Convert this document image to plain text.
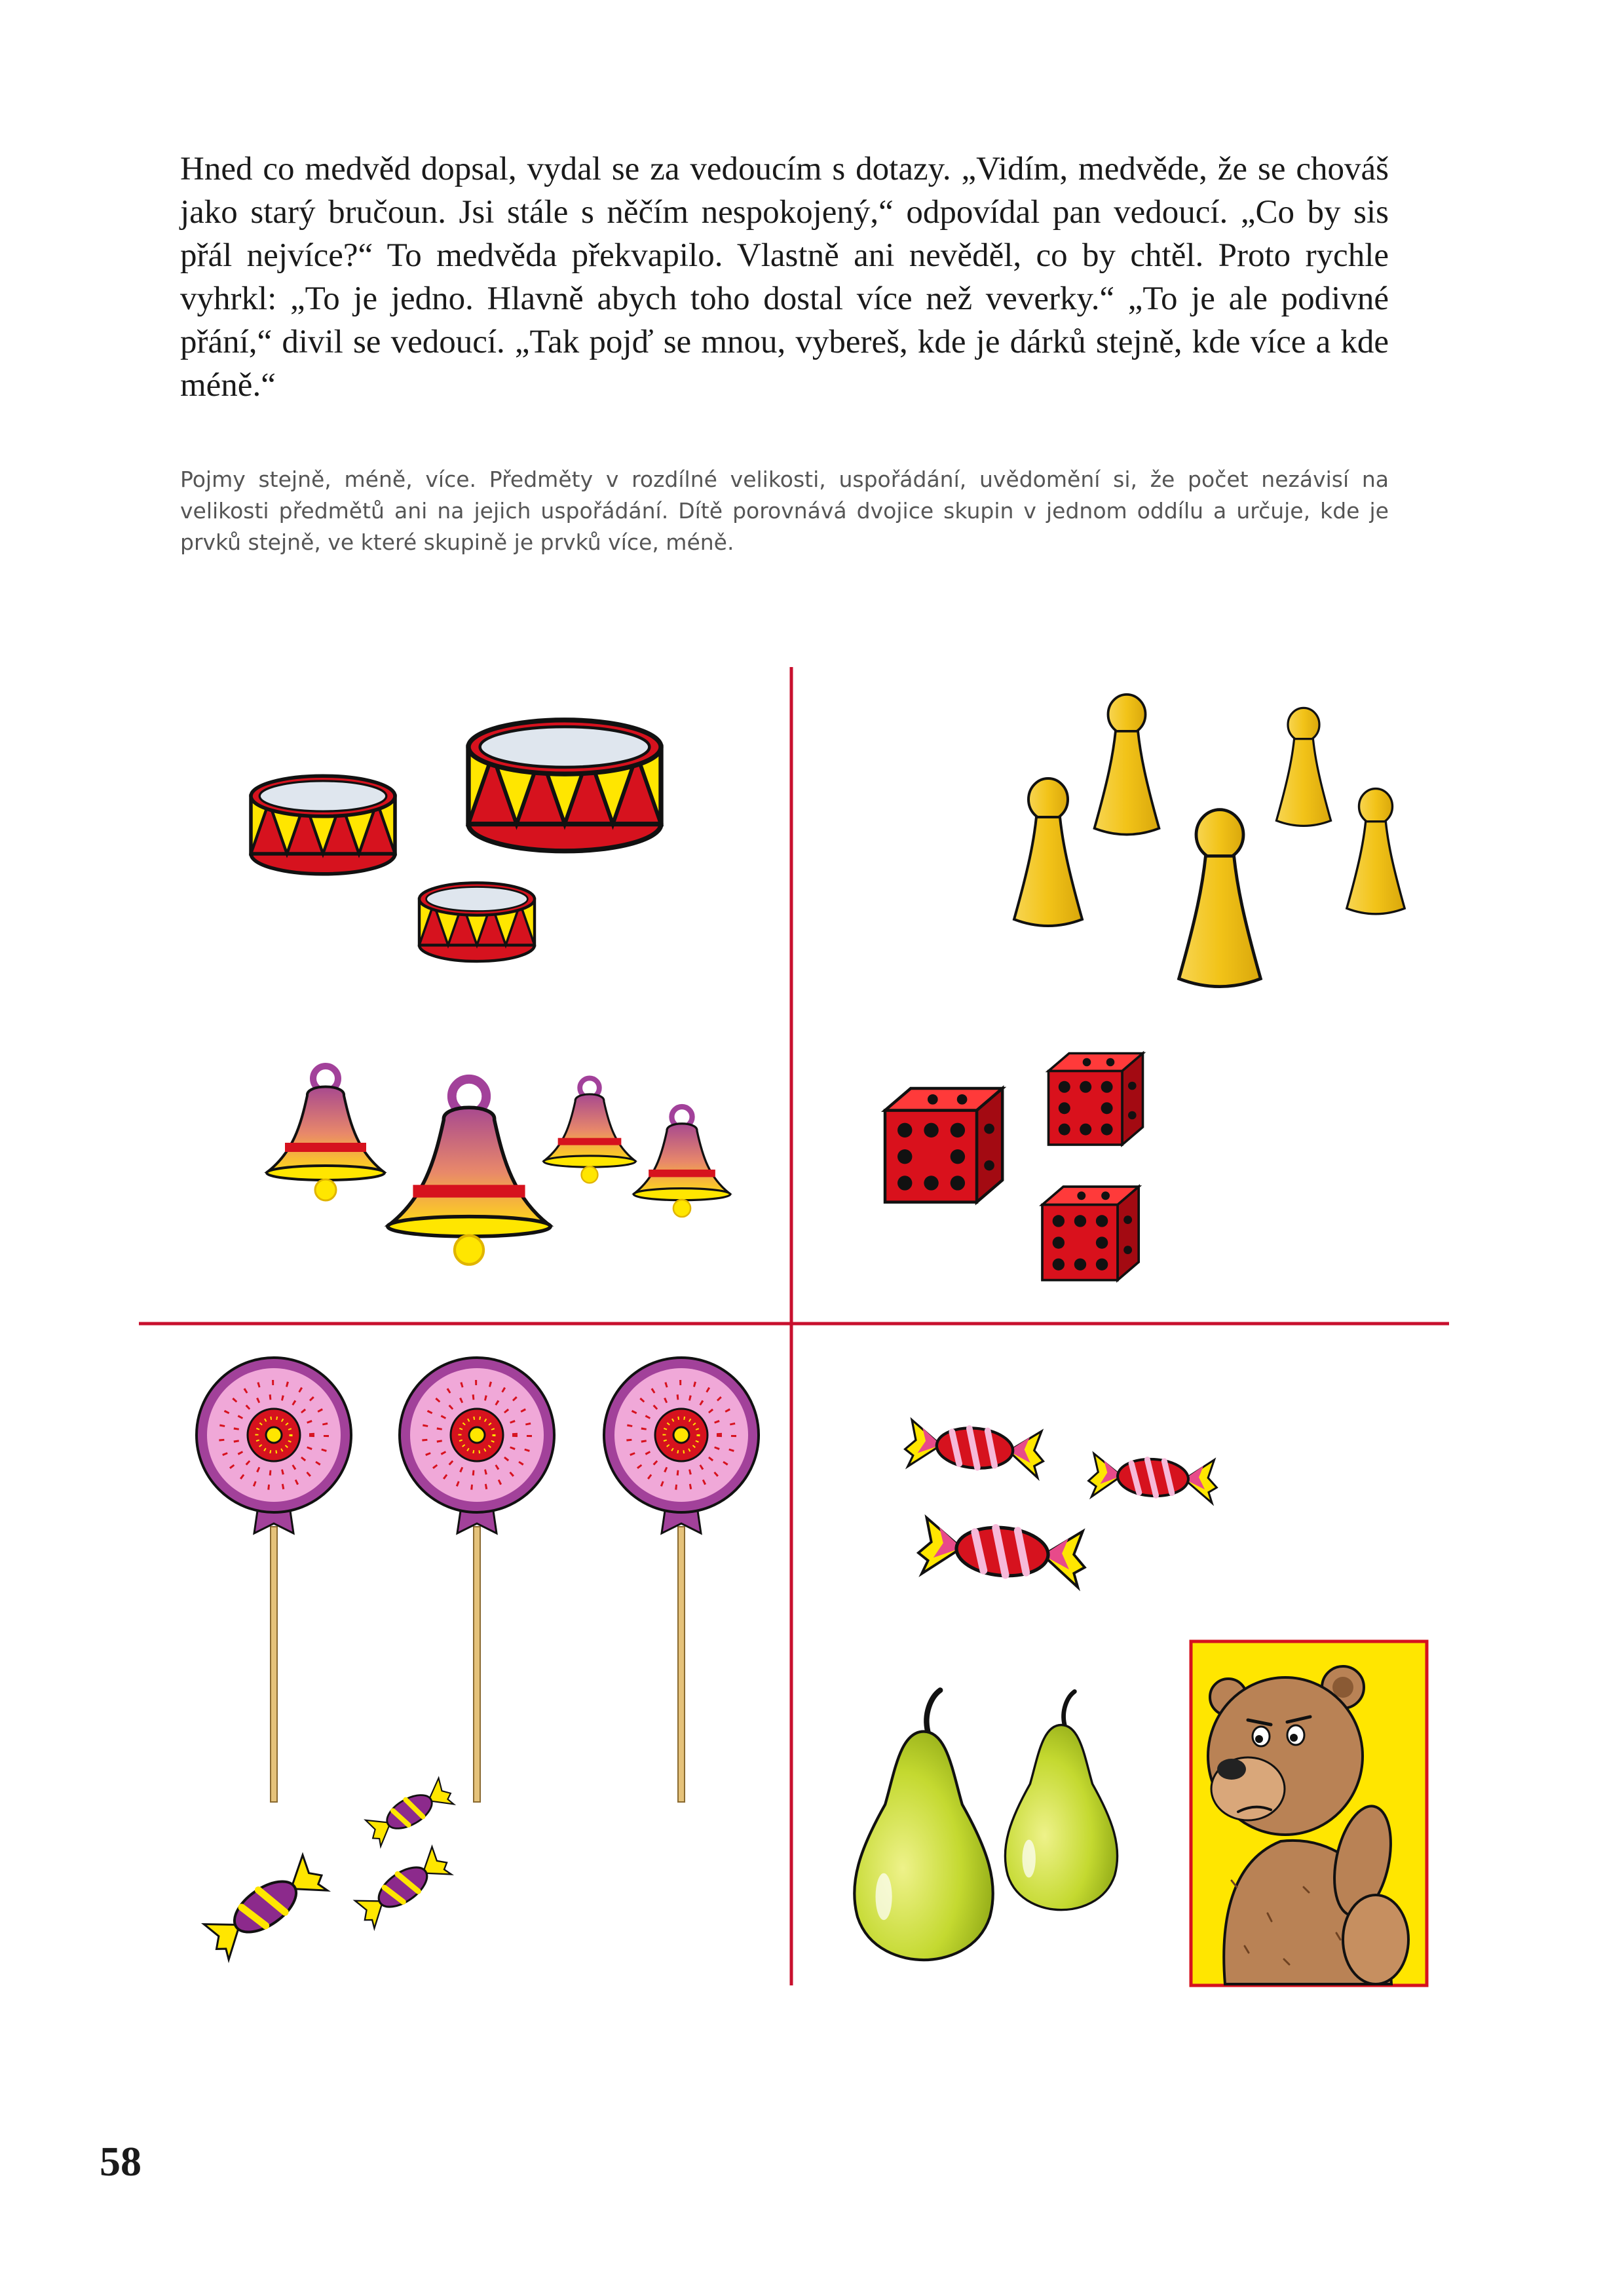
Hned co medvěd dopsal, vydal se za vedoucím s dotazy. „Vidím, medvěde, že se chováš jako starý bručoun. Jsi stále s něčím nespokojený,“ odpovídal pan vedoucí. „Co by sis přál nejvíce?“ To medvěda překvapilo. Vlastně ani nevěděl, co by chtěl. Proto rychle vyhrkl: „To je jedno. Hlavně abych toho dostal více než veverky.“ „To je ale podivné přání,“ divil se vedoucí. „Tak pojď se mnou, vybereš, kde je dárků stejně, kde více a kde méně.“

Pojmy stejně, méně, více. Předměty v rozdílné velikosti, uspořádání, uvědomění si, že počet nezávisí na velikosti předmětů ani na jejich uspořádání. Dítě porovnává dvojice skupin v jednom oddílu a určuje, kde je prvků stejně, ve které skupině je prvků více, méně.

58
